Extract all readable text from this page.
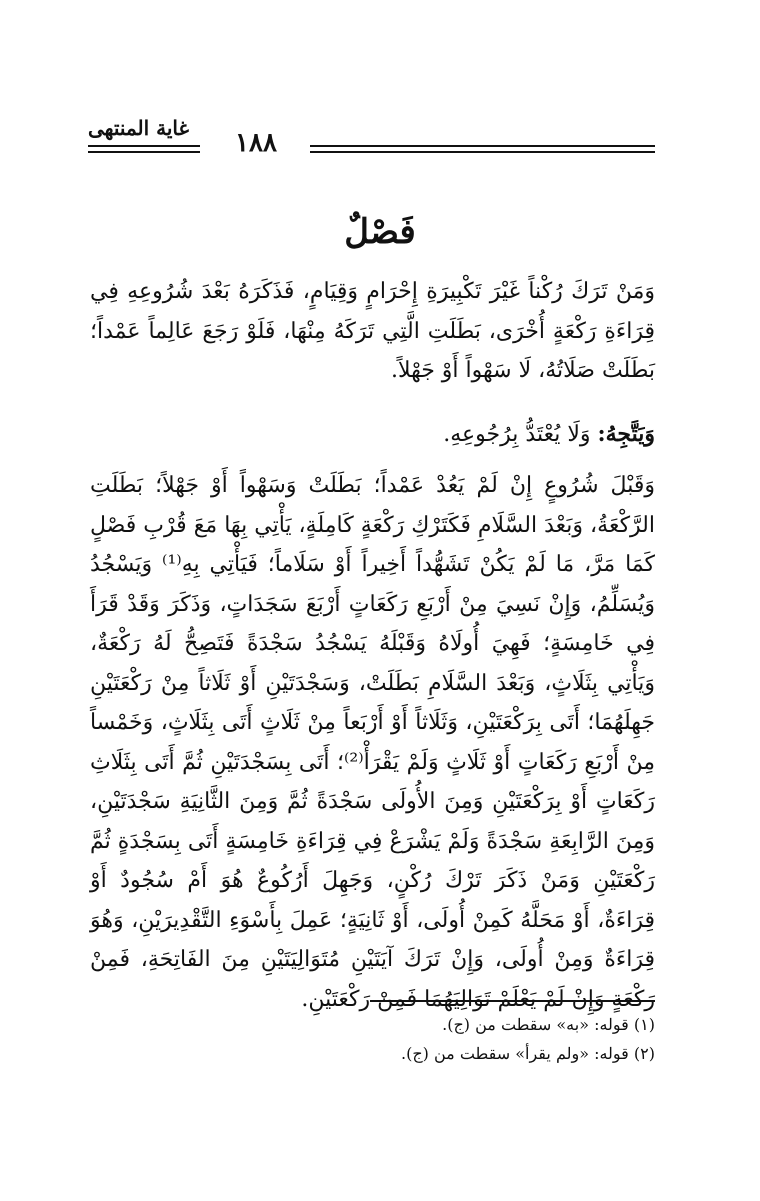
غاية المنتهى	١٨٨

فَصْلٌ

وَمَنْ تَرَكَ رُكْناً غَيْرَ تَكْبِيرَةِ إِحْرَامٍ وَقِيَامٍ، فَذَكَرَهُ بَعْدَ شُرُوعِهِ فِي قِرَاءَةِ رَكْعَةٍ أُخْرَى، بَطَلَتِ الَّتِي تَرَكَهُ مِنْهَا، فَلَوْ رَجَعَ عَالِماً عَمْداً؛ بَطَلَتْ صَلَاتُهُ، لَا سَهْواً أَوْ جَهْلاً.

وَيَتَّجِهُ: وَلَا يُعْتَدُّ بِرُجُوعِهِ.

وَقَبْلَ شُرُوعٍ إِنْ لَمْ يَعُدْ عَمْداً؛ بَطَلَتْ وَسَهْواً أَوْ جَهْلاً؛ بَطَلَتِ الرَّكْعَةُ، وَبَعْدَ السَّلَامِ فَكَتَرْكِ رَكْعَةٍ كَامِلَةٍ، يَأْتِي بِهَا مَعَ قُرْبِ فَصْلٍ كَمَا مَرَّ، مَا لَمْ يَكُنْ تَشَهُّداً أَخِيراً أَوْ سَلَاماً؛ فَيَأْتِي بِهِ⁽¹⁾ وَيَسْجُدُ وَيُسَلِّمُ، وَإِنْ نَسِيَ مِنْ أَرْبَعِ رَكَعَاتٍ أَرْبَعَ سَجَدَاتٍ، وَذَكَرَ وَقَدْ قَرَأَ فِي خَامِسَةٍ؛ فَهِيَ أُولَاهُ وَقَبْلَهُ يَسْجُدُ سَجْدَةً فَتَصِحُّ لَهُ رَكْعَةٌ، وَيَأْتِي بِثَلَاثٍ، وَبَعْدَ السَّلَامِ بَطَلَتْ، وَسَجْدَتَيْنِ أَوْ ثَلَاثاً مِنْ رَكْعَتَيْنِ جَهِلَهُمَا؛ أَتَى بِرَكْعَتَيْنِ، وَثَلَاثاً أَوْ أَرْبَعاً مِنْ ثَلَاثٍ أَتَى بِثَلَاثٍ، وَخَمْساً مِنْ أَرْبَعِ رَكَعَاتٍ أَوْ ثَلَاثٍ وَلَمْ يَقْرَأْ⁽²⁾؛ أَتَى بِسَجْدَتَيْنِ ثُمَّ أَتَى بِثَلَاثِ رَكَعَاتٍ أَوْ بِرَكْعَتَيْنِ وَمِنَ الأُولَى سَجْدَةً ثُمَّ وَمِنَ الثَّانِيَةِ سَجْدَتَيْنِ، وَمِنَ الرَّابِعَةِ سَجْدَةً وَلَمْ يَشْرَعْ فِي قِرَاءَةِ خَامِسَةٍ أَتَى بِسَجْدَةٍ ثُمَّ رَكْعَتَيْنِ وَمَنْ ذَكَرَ تَرْكَ رُكْنٍ، وَجَهِلَ أَرُكُوعٌ هُوَ أَمْ سُجُودٌ أَوْ قِرَاءَةٌ، أَوْ مَحَلَّهُ كَمِنْ أُولَى، أَوْ ثَانِيَةٍ؛ عَمِلَ بِأَسْوَءِ التَّقْدِيرَيْنِ، وَهُوَ قِرَاءَةٌ وَمِنْ أُولَى، وَإِنْ تَرَكَ آيَتَيْنِ مُتَوَالِيَتَيْنِ مِنَ الفَاتِحَةِ، فَمِنْ رَكْعَةٍ وَإِنْ لَمْ يَعْلَمْ تَوَالِيَهُمَا فَمِنْ رَكْعَتَيْنِ.

(١) قوله: «به» سقطت من (ج).

(٢) قوله: «ولم يقرأ» سقطت من (ج).
